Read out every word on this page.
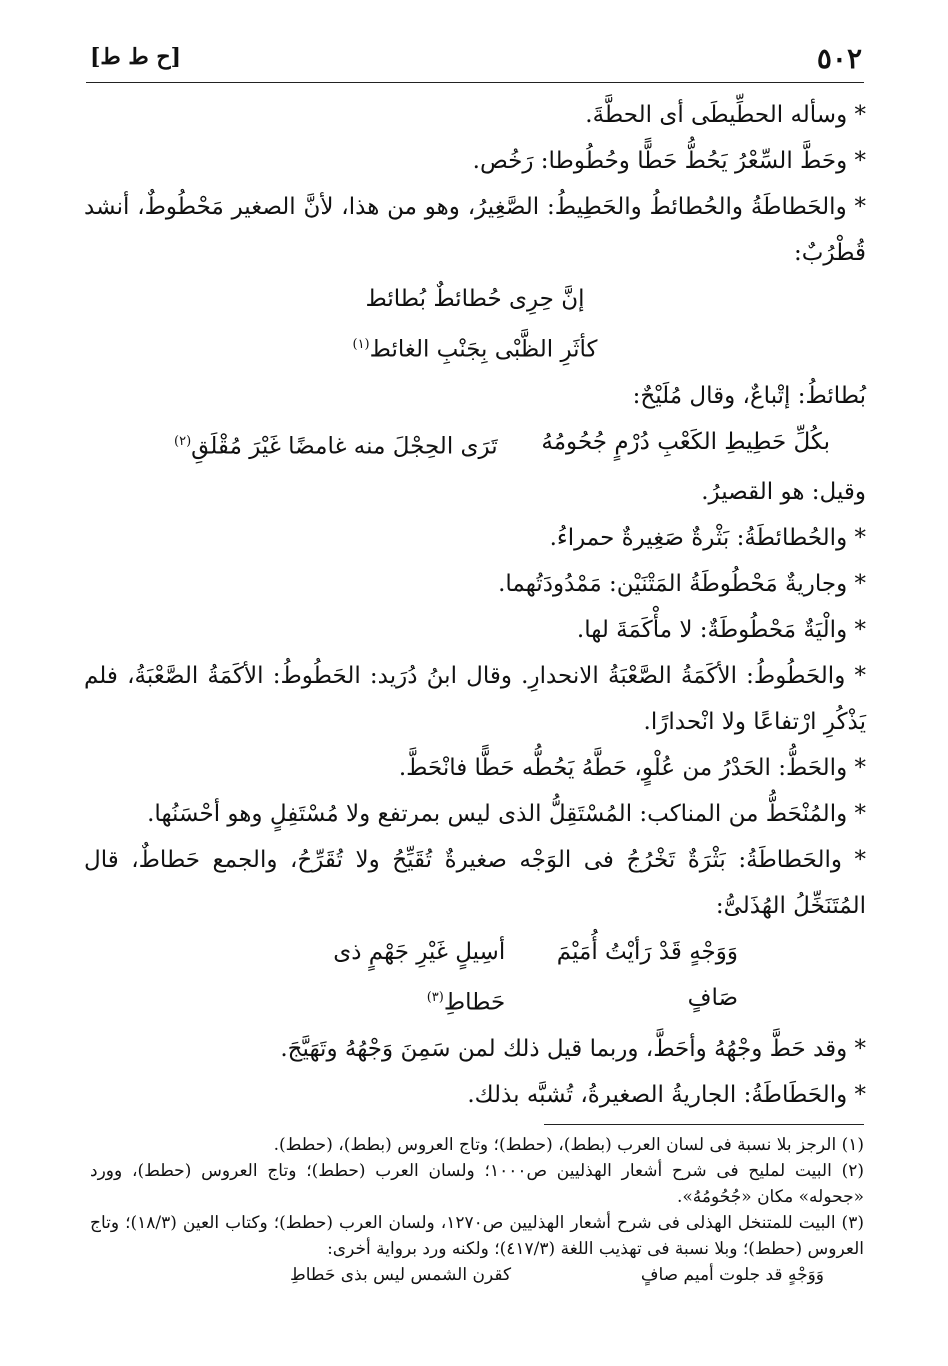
٥٠٢
[ح ط ط]

* وسأله الحطِّيطَى أى الحطَّةَ.

* وحَطَّ السِّعْرُ يَحُطُّ حَطًّا وحُطُوطا: رَخُص.

* والحَطاطَةُ والحُطائطُ والحَطِيطُ: الصَّغِيرُ، وهو من هذا، لأنَّ الصغير مَحْطُوطٌ، أنشد قُطْرُبٌ:

إنَّ حِرِى حُطائطٌ بُطائط
كأثَرِ الظَّبْى بِجَنْبِ الغائط$^{(١)}$

بُطائطُ: إتْباعٌ، وقال مُلَيْحٌ:

بكُلِّ حَطِيطِ الكَعْبِ دُرْمٍ جُحُومُهُ
تَرَى الحِجْلَ منه غامضًا غَيْرَ مُقْلَقِ$^{(٢)}$

وقيل: هو القصيرُ.

* والحُطائطَةُ: بَثْرةٌ صَغِيرةٌ حمراءُ.

* وجاريةٌ مَحْطُوطَةُ المَتْنَيْن: مَمْدُودَتُهما.

* والْيَةٌ مَحْطُوطَةٌ: لا مأْكَمَةَ لها.

* والحَطُوطُ: الأكَمَةُ الصَّعْبَةُ الانحدارِ. وقال ابنُ دُرَيد: الحَطُوطُ: الأكَمَةُ الصَّعْبَةُ، فلم يَذْكُرِ ارْتفاعًا ولا انْحدارًا.

* والحَطُّ: الحَدْرُ من عُلْوٍ، حَطَّهُ يَحُطُّه حَطًّا فانْحَطَّ.

* والمُنْحَطُّ من المناكب: المُسْتَقِلُّ الذى ليس بمرتفع ولا مُسْتَفِلٍ وهو أحْسَنُها.

* والحَطاطَةُ: بَثْرَةٌ تَخْرُجُ فى الوَجْه صغيرةٌ تُقَيِّحُ ولا تُقَرِّحُ، والجمع حَطاطٌ، قال المُتَنَخِّلُ الهُذَلىُّ:

وَوَجْهٍ قَدْ رَأيْتُ أُمَيْمَ صَافٍ
أسِيلٍ غَيْرِ جَهْمٍ ذى حَطاطِ$^{(٣)}$

* وقد حَطَّ وجْهُهُ وأحَطَّ، وربما قيل ذلك لمن سَمِنَ وَجْهُهُ وتَهَيَّجَ.

* والحَطَاطَةُ: الجاريةُ الصغيرةُ، تُشبَّه بذلك.

(١) الرجز بلا نسبة فى لسان العرب (بطط)، (حطط)؛ وتاج العروس (بطط)، (حطط).

(٢) البيت لمليح فى شرح أشعار الهذليين ص١٠٠٠؛ ولسان العرب (حطط)؛ وتاج العروس (حطط)، وورد «جحوله» مكان «جُحُومُهُ».

(٣) البيت للمتنخل الهذلى فى شرح أشعار الهذليين ص١٢٧٠، ولسان العرب (حطط)؛ وكتاب العين (١٨/٣)؛ وتاج العروس (حطط)؛ وبلا نسبة فى تهذيب اللغة (٤١٧/٣)؛ ولكنه ورد برواية أخرى:

وَوَجْهٍ قد جلوت أميم صافٍ
كقرن الشمس ليس بذى حَطاطِ
